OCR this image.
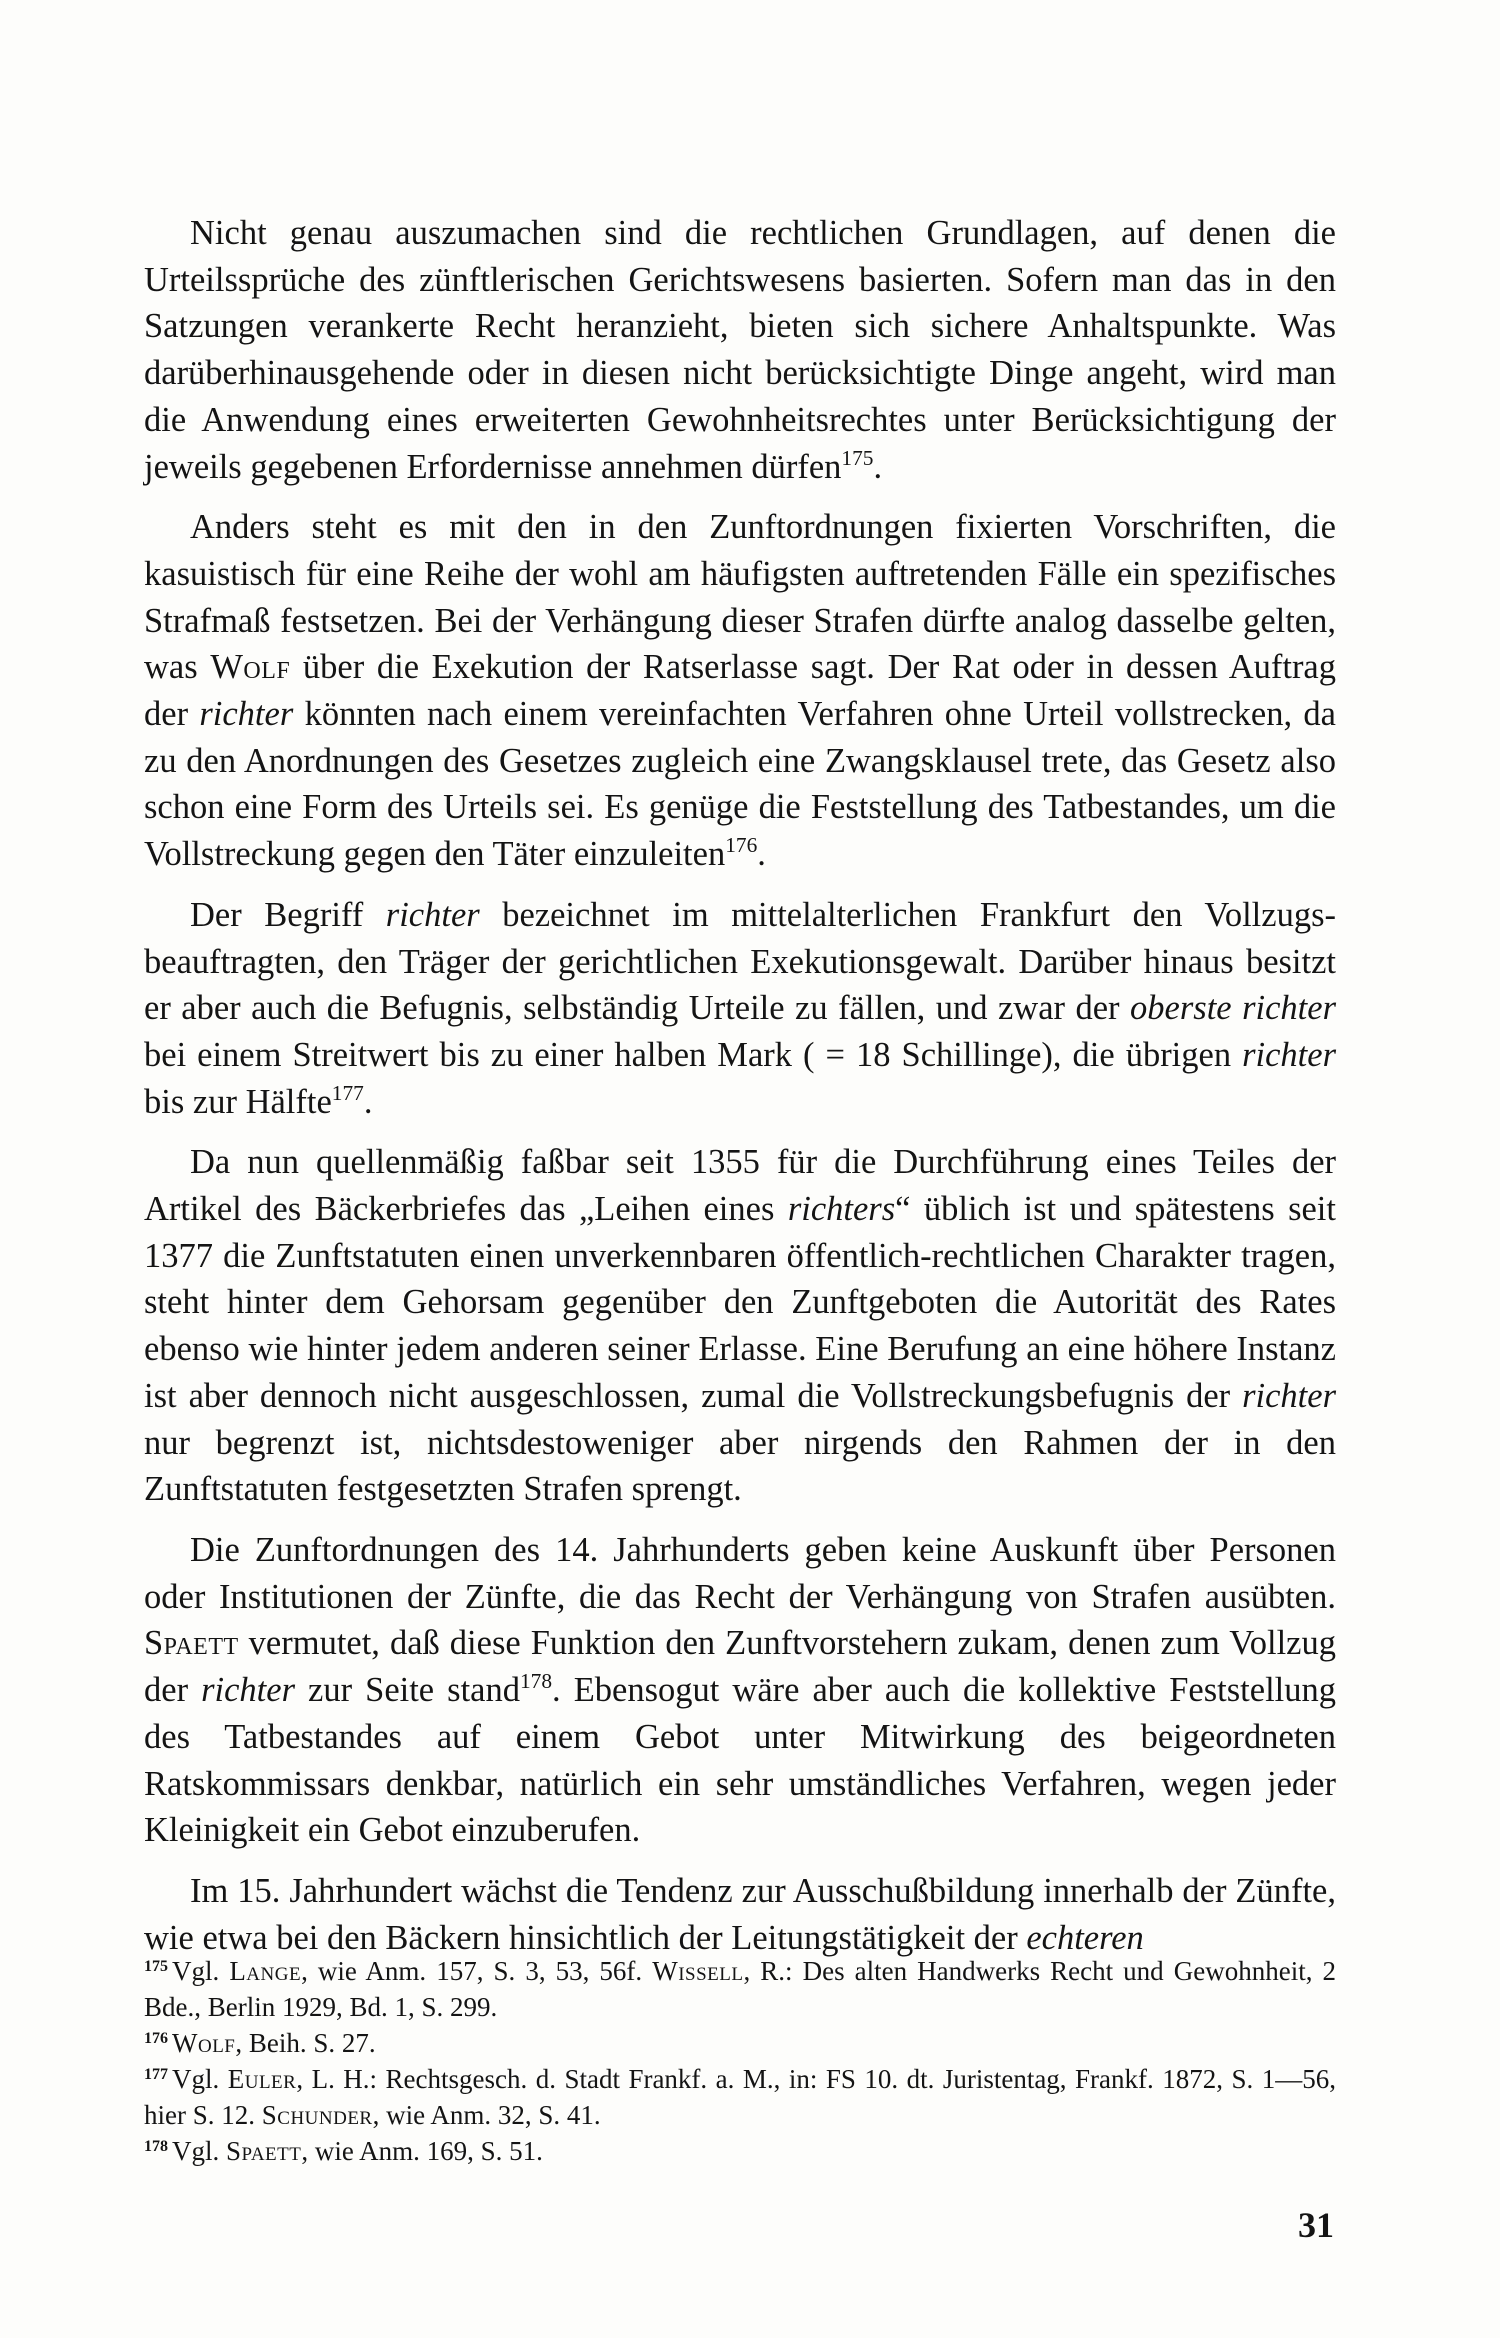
Nicht genau auszumachen sind die rechtlichen Grundlagen, auf denen die Urteilssprüche des zünftlerischen Gerichtswesens basierten. Sofern man das in den Satzungen verankerte Recht heranzieht, bieten sich sichere Anhaltspunkte. Was darüberhinausgehende oder in diesen nicht berücksichtigte Dinge angeht, wird man die Anwendung eines erweiterten Gewohnheitsrechtes unter Berücksichtigung der jeweils gegebenen Erfordernisse annehmen dürfen$^{175}$.

Anders steht es mit den in den Zunftordnungen fixierten Vorschriften, die kasuistisch für eine Reihe der wohl am häufigsten auftretenden Fälle ein spezifisches Strafmaß festsetzen. Bei der Verhängung dieser Strafen dürfte analog dasselbe gelten, was Wolf über die Exekution der Ratserlasse sagt. Der Rat oder in dessen Auftrag der richter könnten nach einem vereinfachten Verfahren ohne Urteil vollstrecken, da zu den Anordnungen des Gesetzes zugleich eine Zwangsklausel trete, das Gesetz also schon eine Form des Urteils sei. Es genüge die Feststellung des Tatbestandes, um die Vollstreckung gegen den Täter einzuleiten$^{176}$.

Der Begriff richter bezeichnet im mittelalterlichen Frankfurt den Vollzugsbeauftragten, den Träger der gerichtlichen Exekutionsgewalt. Darüber hinaus besitzt er aber auch die Befugnis, selbständig Urteile zu fällen, und zwar der oberste richter bei einem Streitwert bis zu einer halben Mark ( = 18 Schillinge), die übrigen richter bis zur Hälfte$^{177}$.

Da nun quellenmäßig faßbar seit 1355 für die Durchführung eines Teiles der Artikel des Bäckerbriefes das „Leihen eines richters“ üblich ist und spätestens seit 1377 die Zunftstatuten einen unverkennbaren öffentlich-rechtlichen Charakter tragen, steht hinter dem Gehorsam gegenüber den Zunftgeboten die Autorität des Rates ebenso wie hinter jedem anderen seiner Erlasse. Eine Berufung an eine höhere Instanz ist aber dennoch nicht ausgeschlossen, zumal die Vollstreckungsbefugnis der richter nur begrenzt ist, nichtsdestoweniger aber nirgends den Rahmen der in den Zunftstatuten festgesetzten Strafen sprengt.

Die Zunftordnungen des 14. Jahrhunderts geben keine Auskunft über Personen oder Institutionen der Zünfte, die das Recht der Verhängung von Strafen ausübten. Spaett vermutet, daß diese Funktion den Zunftvorstehern zukam, denen zum Vollzug der richter zur Seite stand$^{178}$. Ebensogut wäre aber auch die kollektive Feststellung des Tatbestandes auf einem Gebot unter Mitwirkung des beigeordneten Ratskommissars denkbar, natürlich ein sehr umständliches Verfahren, wegen jeder Kleinigkeit ein Gebot einzuberufen.

Im 15. Jahrhundert wächst die Tendenz zur Ausschußbildung innerhalb der Zünfte, wie etwa bei den Bäckern hinsichtlich der Leitungstätigkeit der echteren

175 Vgl. Lange, wie Anm. 157, S. 3, 53, 56f. Wissell, R.: Des alten Handwerks Recht und Gewohnheit, 2 Bde., Berlin 1929, Bd. 1, S. 299.

176 Wolf, Beih. S. 27.

177 Vgl. Euler, L. H.: Rechtsgesch. d. Stadt Frankf. a. M., in: FS 10. dt. Juristentag, Frankf. 1872, S. 1—56, hier S. 12. Schunder, wie Anm. 32, S. 41.

178 Vgl. Spaett, wie Anm. 169, S. 51.

31
